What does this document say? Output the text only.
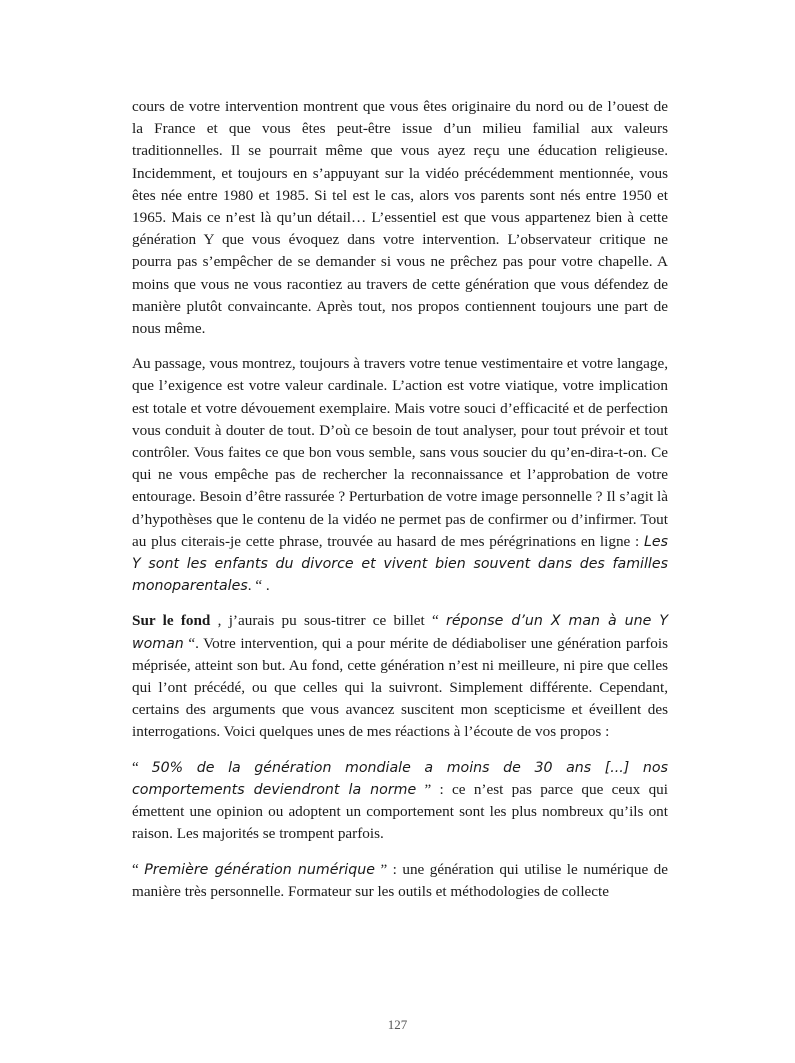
cours de votre intervention montrent que vous êtes originaire du nord ou de l’ouest de la France et que vous êtes peut-être issue d’un milieu familial aux valeurs traditionnelles. Il se pourrait même que vous ayez reçu une éducation religieuse. Incidemment, et toujours en s’appuyant sur la vidéo précédemment mentionnée, vous êtes née entre 1980 et 1985. Si tel est le cas, alors vos parents sont nés entre 1950 et 1965. Mais ce n’est là qu’un détail… L’essentiel est que vous appartenez bien à cette génération Y que vous évoquez dans votre intervention. L’observateur critique ne pourra pas s’empêcher de se demander si vous ne prêchez pas pour votre chapelle. A moins que vous ne vous racontiez au travers de cette génération que vous défendez de manière plutôt convaincante. Après tout, nos propos contiennent toujours une part de nous même.

Au passage, vous montrez, toujours à travers votre tenue vestimentaire et votre langage, que l’exigence est votre valeur cardinale. L’action est votre viatique, votre implication est totale et votre dévouement exemplaire. Mais votre souci d’efficacité et de perfection vous conduit à douter de tout. D’où ce besoin de tout analyser, pour tout prévoir et tout contrôler. Vous faites ce que bon vous semble, sans vous soucier du qu’en-dira-t-on. Ce qui ne vous empêche pas de rechercher la reconnaissance et l’approbation de votre entourage. Besoin d’être rassurée ? Perturbation de votre image personnelle ? Il s’agit là d’hypothèses que le contenu de la vidéo ne permet pas de confirmer ou d’infirmer. Tout au plus citerais-je cette phrase, trouvée au hasard de mes pérégrinations en ligne : Les Y sont les enfants du divorce et vivent bien souvent dans des familles monoparentales. “ .

Sur le fond , j’aurais pu sous-titrer ce billet “ réponse d’un X man à une Y woman “. Votre intervention, qui a pour mérite de dédiaboliser une génération parfois méprisée, atteint son but. Au fond, cette génération n’est ni meilleure, ni pire que celles qui l’ont précédé, ou que celles qui la suivront. Simplement différente. Cependant, certains des arguments que vous avancez suscitent mon scepticisme et éveillent des interrogations. Voici quelques unes de mes réactions à l’écoute de vos propos :

“ 50% de la génération mondiale a moins de 30 ans [...] nos comportements deviendront la norme ” : ce n’est pas parce que ceux qui émettent une opinion ou adoptent un comportement sont les plus nombreux qu’ils ont raison. Les majorités se trompent parfois.

“ Première génération numérique ” : une génération qui utilise le numérique de manière très personnelle. Formateur sur les outils et méthodologies de collecte

127
